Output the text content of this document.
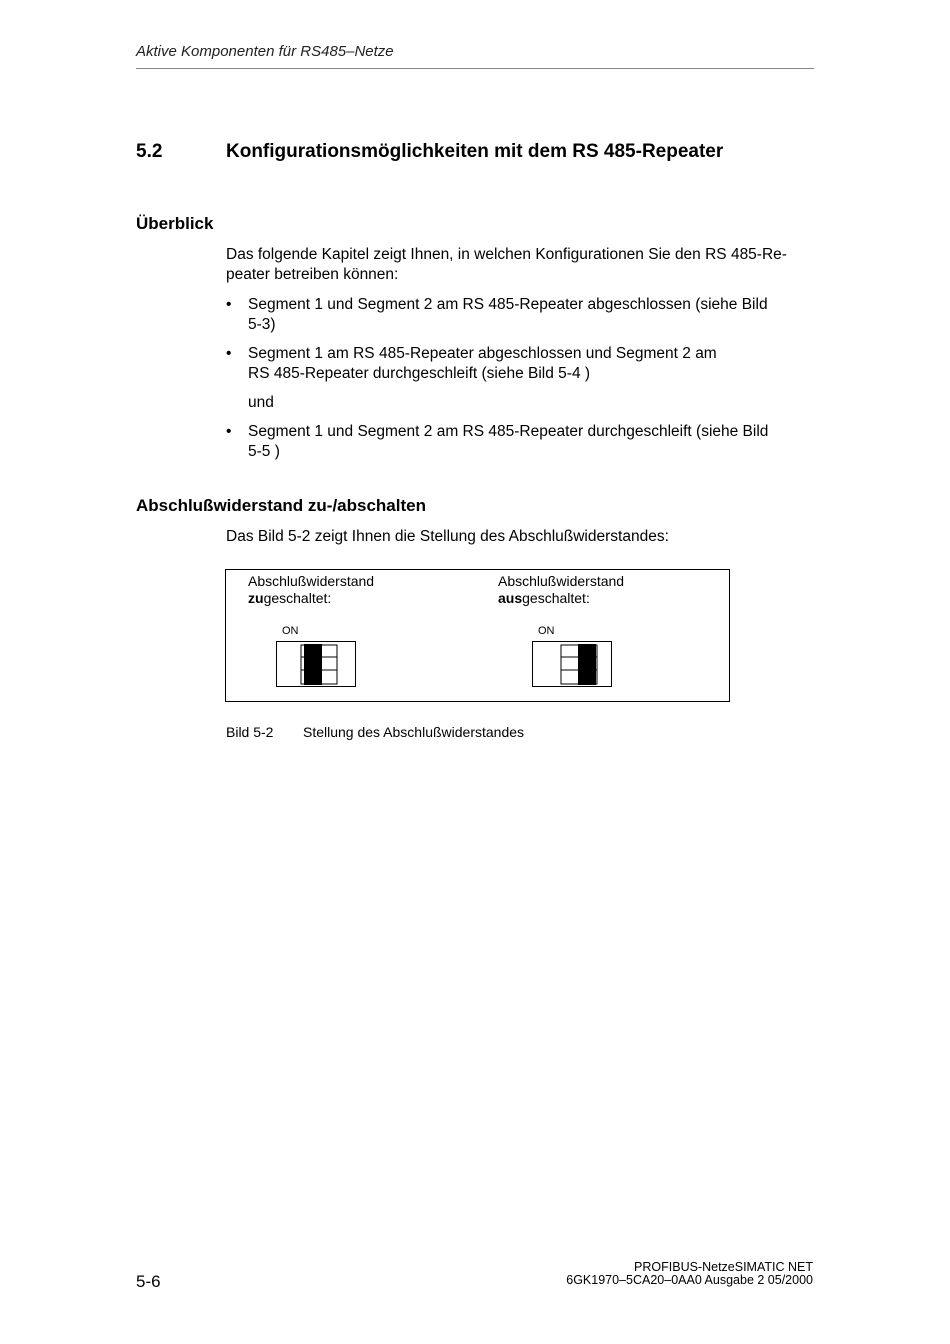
Aktive Komponenten für RS485–Netze
5.2	Konfigurationsmöglichkeiten mit dem RS 485-Repeater
Überblick
Das folgende Kapitel zeigt Ihnen, in welchen Konfigurationen Sie den RS 485-Re-
peater betreiben können:
• Segment 1 und Segment 2 am RS 485-Repeater abgeschlossen (siehe Bild
5-3)
• Segment 1 am RS 485-Repeater abgeschlossen und Segment 2 am
RS 485-Repeater durchgeschleift (siehe Bild 5-4 )
und
• Segment 1 und Segment 2 am RS 485-Repeater durchgeschleift (siehe Bild
5-5 )
Abschlußwiderstand zu-/abschalten
Das Bild 5-2 zeigt Ihnen die Stellung des Abschlußwiderstandes:
Abschlußwiderstand
zugeschaltet:
ON
Abschlußwiderstand
ausgeschaltet:
ON
Bild 5-2 Stellung des Abschlußwiderstandes
5-6
PROFIBUS-NetzeSIMATIC NET
6GK1970–5CA20–0AA0 Ausgabe 2 05/2000
